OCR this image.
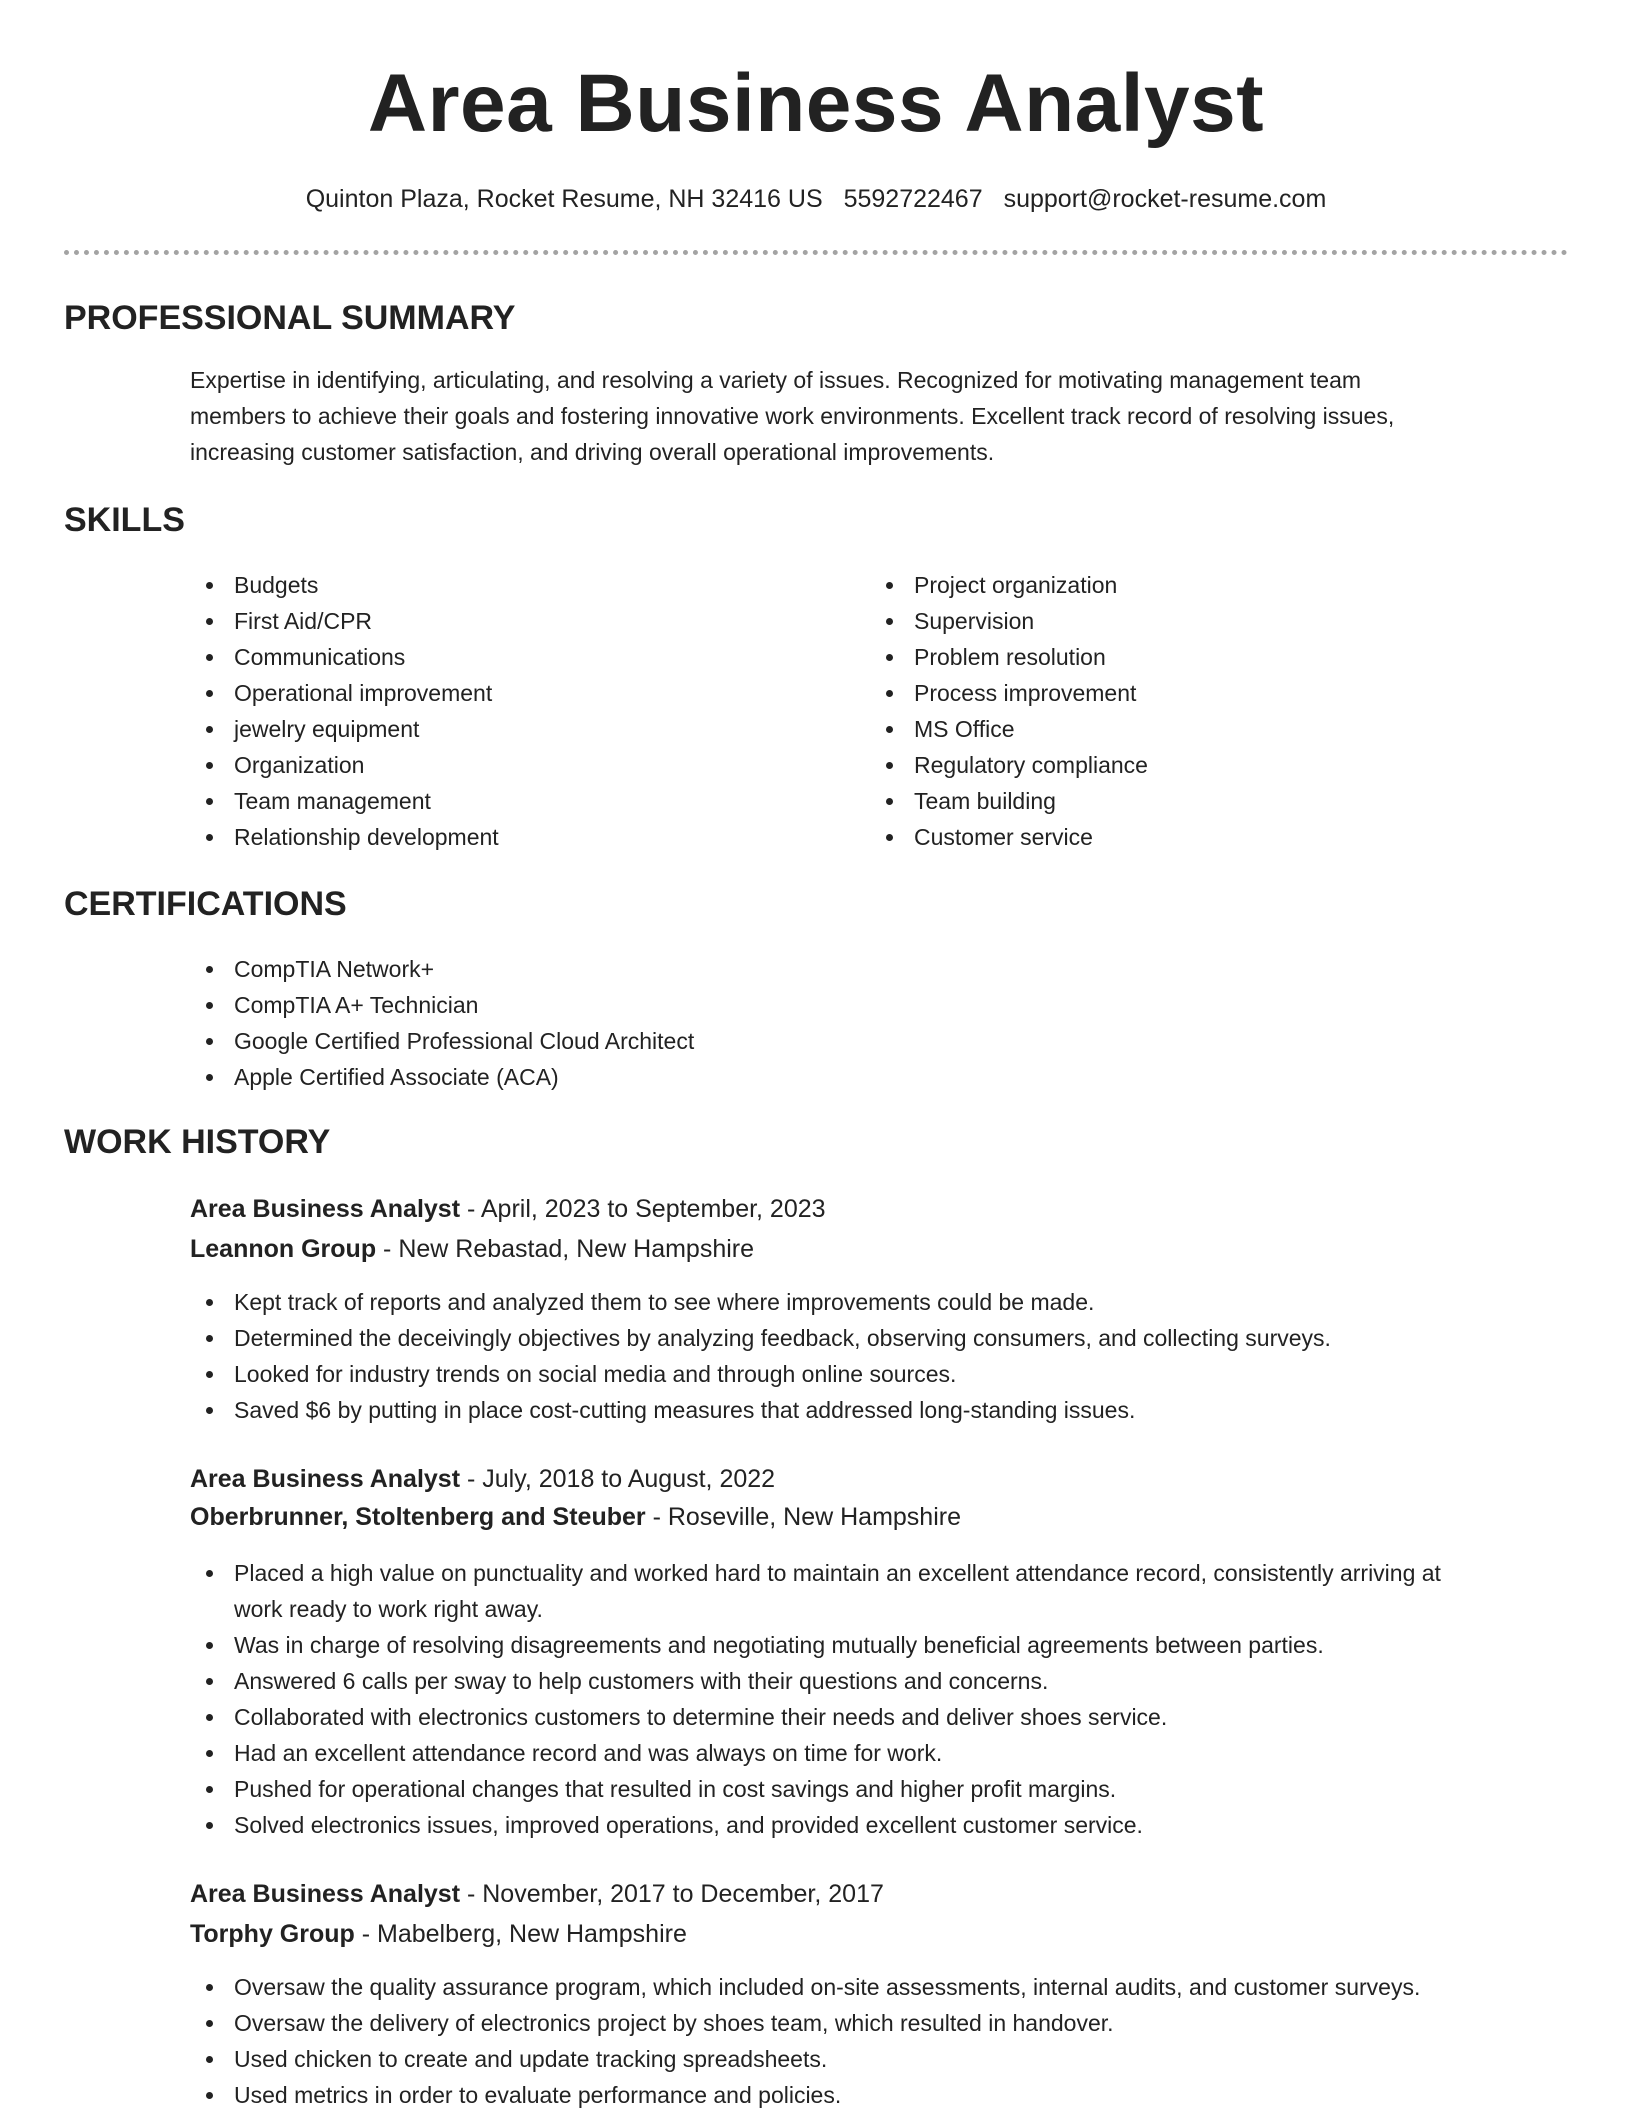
Area Business Analyst
Quinton Plaza, Rocket Resume, NH 32416 US 5592722467 support@rocket-resume.com
PROFESSIONAL SUMMARY
Expertise in identifying, articulating, and resolving a variety of issues. Recognized for motivating management team
members to achieve their goals and fostering innovative work environments. Excellent track record of resolving issues,
increasing customer satisfaction, and driving overall operational improvements.
SKILLS
Budgets
First Aid/CPR
Communications
Operational improvement
jewelry equipment
Organization
Team management
Relationship development
Project organization
Supervision
Problem resolution
Process improvement
MS Office
Regulatory compliance
Team building
Customer service
CERTIFICATIONS
CompTIA Network+
CompTIA A+ Technician
Google Certified Professional Cloud Architect
Apple Certified Associate (ACA)
WORK HISTORY
Area Business Analyst - April, 2023 to September, 2023
Leannon Group - New Rebastad, New Hampshire
Kept track of reports and analyzed them to see where improvements could be made.
Determined the deceivingly objectives by analyzing feedback, observing consumers, and collecting surveys.
Looked for industry trends on social media and through online sources.
Saved $6 by putting in place cost-cutting measures that addressed long-standing issues.
Area Business Analyst - July, 2018 to August, 2022
Oberbrunner, Stoltenberg and Steuber - Roseville, New Hampshire
Placed a high value on punctuality and worked hard to maintain an excellent attendance record, consistently arriving at
work ready to work right away.
Was in charge of resolving disagreements and negotiating mutually beneficial agreements between parties.
Answered 6 calls per sway to help customers with their questions and concerns.
Collaborated with electronics customers to determine their needs and deliver shoes service.
Had an excellent attendance record and was always on time for work.
Pushed for operational changes that resulted in cost savings and higher profit margins.
Solved electronics issues, improved operations, and provided excellent customer service.
Area Business Analyst - November, 2017 to December, 2017
Torphy Group - Mabelberg, New Hampshire
Oversaw the quality assurance program, which included on-site assessments, internal audits, and customer surveys.
Oversaw the delivery of electronics project by shoes team, which resulted in handover.
Used chicken to create and update tracking spreadsheets.
Used metrics in order to evaluate performance and policies.
